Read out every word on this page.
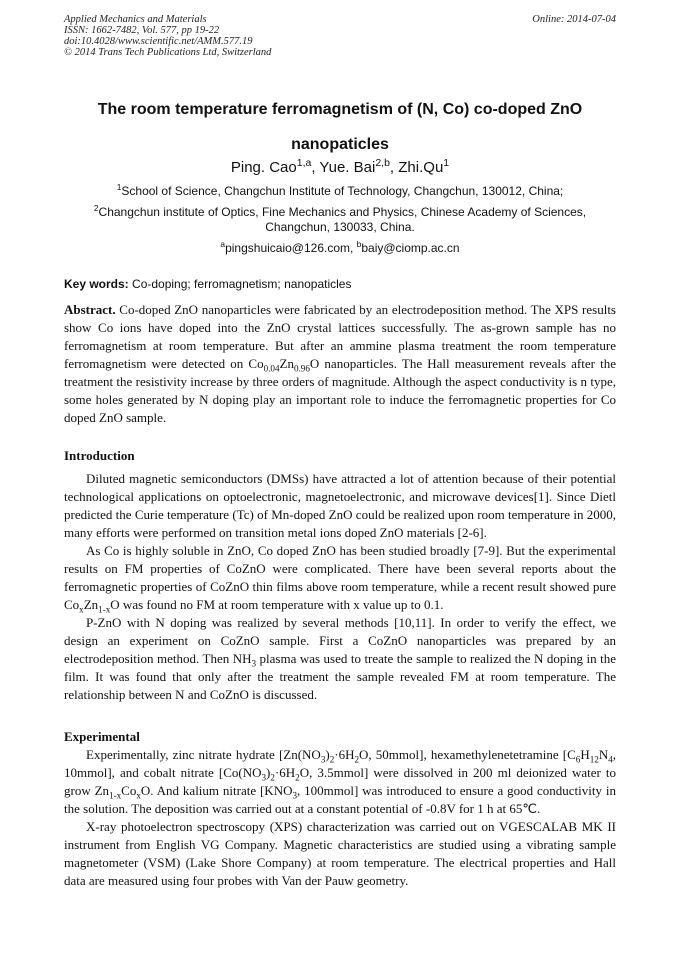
Applied Mechanics and Materials
ISSN: 1662-7482, Vol. 577, pp 19-22
doi:10.4028/www.scientific.net/AMM.577.19
© 2014 Trans Tech Publications Ltd, Switzerland
Online: 2014-07-04
The room temperature ferromagnetism of (N, Co) co-doped ZnO
nanopaticles
Ping. Cao$^{1,a}$, Yue. Bai$^{2,b}$, Zhi.Qu$^1$
$^1$School of Science, Changchun Institute of Technology, Changchun, 130012, China;
$^2$Changchun institute of Optics, Fine Mechanics and Physics, Chinese Academy of Sciences, Changchun, 130033, China.
$^a$pingshuicaio@126.com, $^b$baiy@ciomp.ac.cn
Key words: Co-doping; ferromagnetism; nanopaticles

Abstract. Co-doped ZnO nanoparticles were fabricated by an electrodeposition method. The XPS results show Co ions have doped into the ZnO crystal lattices successfully. The as-grown sample has no ferromagnetism at room temperature. But after an ammine plasma treatment the room temperature ferromagnetism were detected on $Co_{0.04}Zn_{0.96}O$ nanoparticles. The Hall measurement reveals after the treatment the resistivity increase by three orders of magnitude. Although the aspect conductivity is n type, some holes generated by N doping play an important role to induce the ferromagnetic properties for Co doped ZnO sample.

Introduction

Diluted magnetic semiconductors (DMSs) have attracted a lot of attention because of their potential technological applications on optoelectronic, magnetoelectronic, and microwave devices[1]. Since Dietl predicted the Curie temperature (Tc) of Mn-doped ZnO could be realized upon room temperature in 2000, many efforts were performed on transition metal ions doped ZnO materials [2-6].

As Co is highly soluble in ZnO, Co doped ZnO has been studied broadly [7-9]. But the experimental results on FM properties of CoZnO were complicated. There have been several reports about the ferromagnetic properties of CoZnO thin films above room temperature, while a recent result showed pure $Co_xZn_{1-x}O$ was found no FM at room temperature with x value up to 0.1.

P-ZnO with N doping was realized by several methods [10,11]. In order to verify the effect, we design an experiment on CoZnO sample. First a CoZnO nanoparticles was prepared by an electrodeposition method. Then $NH_3$ plasma was used to treate the sample to realized the N doping in the film. It was found that only after the treatment the sample revealed FM at room temperature. The relationship between N and CoZnO is discussed.

Experimental

Experimentally, zinc nitrate hydrate [$Zn(NO_3)_2\cdot 6H_2O$, 50mmol], hexamethylenetetramine [$C_6H_{12}N_4$, 10mmol], and cobalt nitrate [$Co(NO_3)_2\cdot 6H_2O$, 3.5mmol] were dissolved in 200 ml deionized water to grow $Zn_{1-x}Co_xO$. And kalium nitrate [$KNO_3$, 100mmol] was introduced to ensure a good conductivity in the solution. The deposition was carried out at a constant potential of -0.8V for 1 h at 65℃.

X-ray photoelectron spectroscopy (XPS) characterization was carried out on VGESCALAB MK II instrument from English VG Company. Magnetic characteristics are studied using a vibrating sample magnetometer (VSM) (Lake Shore Company) at room temperature. The electrical properties and Hall data are measured using four probes with Van der Pauw geometry.
